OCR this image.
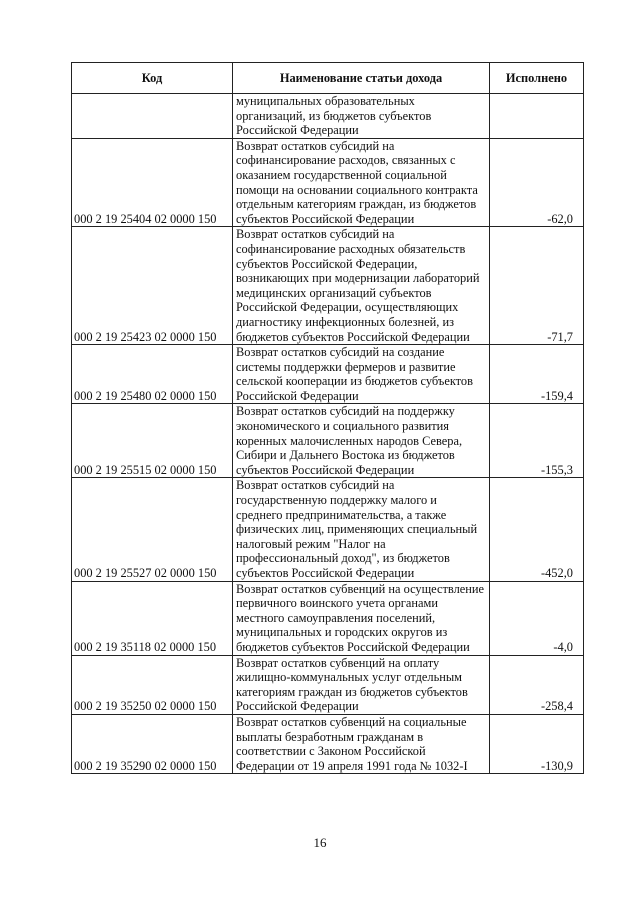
Код	Наименование статьи дохода	Исполнено
	муниципальных образовательных организаций, из бюджетов субъектов Российской Федерации	
000 2 19 25404 02 0000 150	Возврат остатков субсидий на софинансирование расходов, связанных с оказанием государственной социальной помощи на основании социального контракта отдельным категориям граждан, из бюджетов субъектов Российской Федерации	-62,0
000 2 19 25423 02 0000 150	Возврат остатков субсидий на софинансирование расходных обязательств субъектов Российской Федерации, возникающих при модернизации лабораторий медицинских организаций субъектов Российской Федерации, осуществляющих диагностику инфекционных болезней, из бюджетов субъектов Российской Федерации	-71,7
000 2 19 25480 02 0000 150	Возврат остатков субсидий на создание системы поддержки фермеров и развитие сельской кооперации из бюджетов субъектов Российской Федерации	-159,4
000 2 19 25515 02 0000 150	Возврат остатков субсидий на поддержку экономического и социального развития коренных малочисленных народов Севера, Сибири и Дальнего Востока из бюджетов субъектов Российской Федерации	-155,3
000 2 19 25527 02 0000 150	Возврат остатков субсидий на государственную поддержку малого и среднего предпринимательства, а также физических лиц, применяющих специальный налоговый режим "Налог на профессиональный доход", из бюджетов субъектов Российской Федерации	-452,0
000 2 19 35118 02 0000 150	Возврат остатков субвенций на осуществление первичного воинского учета органами местного самоуправления поселений, муниципальных и городских округов из бюджетов субъектов Российской Федерации	-4,0
000 2 19 35250 02 0000 150	Возврат остатков субвенций на оплату жилищно-коммунальных услуг отдельным категориям граждан из бюджетов субъектов Российской Федерации	-258,4
000 2 19 35290 02 0000 150	Возврат остатков субвенций на социальные выплаты безработным гражданам в соответствии с Законом Российской Федерации от 19 апреля 1991 года № 1032-I	-130,9
16
